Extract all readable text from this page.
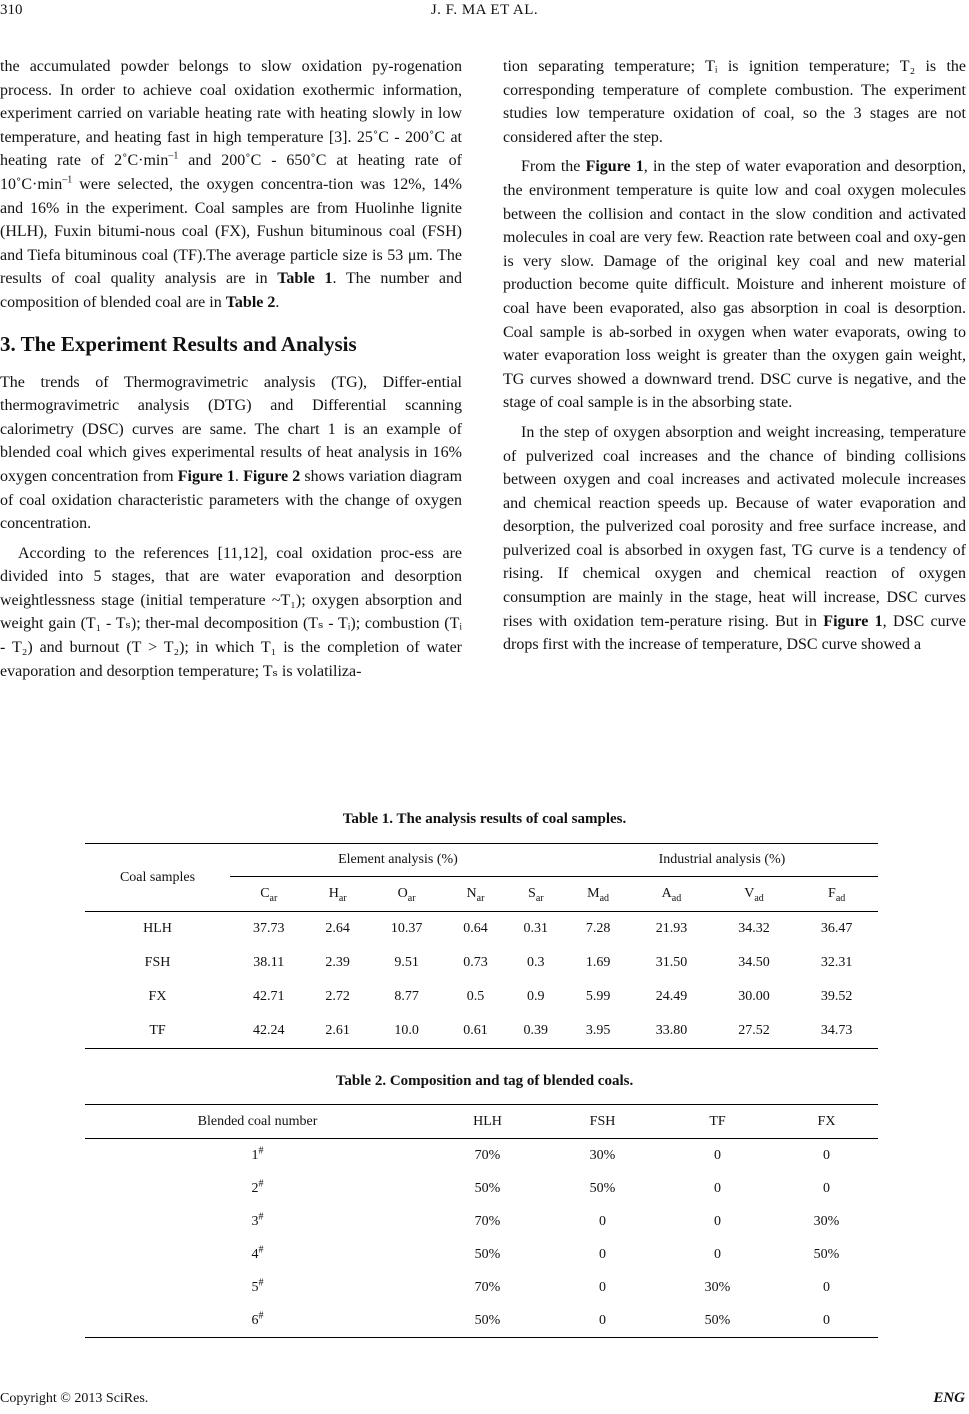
310	J. F. MA ET AL.

the accumulated powder belongs to slow oxidation py-rogenation process. In order to achieve coal oxidation exothermic information, experiment carried on variable heating rate with heating slowly in low temperature, and heating fast in high temperature [3]. 25˚C - 200˚C at heating rate of $2˚C\cdot\min^{-1}$ and 200˚C - 650˚C at heating rate of $10˚C\cdot\min^{-1}$ were selected, the oxygen concentra-tion was 12%, 14% and 16% in the experiment. Coal samples are from Huolinhe lignite (HLH), Fuxin bitumi-nous coal (FX), Fushun bituminous coal (FSH) and Tiefa bituminous coal (TF).The average particle size is 53 μm. The results of coal quality analysis are in Table 1. The number and composition of blended coal are in Table 2.

3. The Experiment Results and Analysis

The trends of Thermogravimetric analysis (TG), Differ-ential thermogravimetric analysis (DTG) and Differential scanning calorimetry (DSC) curves are same. The chart 1 is an example of blended coal which gives experimental results of heat analysis in 16% oxygen concentration from Figure 1. Figure 2 shows variation diagram of coal oxidation characteristic parameters with the change of oxygen concentration.

According to the references [11,12], coal oxidation proc-ess are divided into 5 stages, that are water evaporation and desorption weightlessness stage (initial temperature ~T₁); oxygen absorption and weight gain (T₁ - Tₛ); ther-mal decomposition (Tₛ - Tᵢ); combustion (Tᵢ - T₂) and burnout (T > T₂); in which T₁ is the completion of water evaporation and desorption temperature; Tₛ is volatiliza-

tion separating temperature; Tᵢ is ignition temperature; T₂ is the corresponding temperature of complete combustion. The experiment studies low temperature oxidation of coal, so the 3 stages are not considered after the step.

From the Figure 1, in the step of water evaporation and desorption, the environment temperature is quite low and coal oxygen molecules between the collision and contact in the slow condition and activated molecules in coal are very few. Reaction rate between coal and oxy-gen is very slow. Damage of the original key coal and new material production become quite difficult. Moisture and inherent moisture of coal have been evaporated, also gas absorption in coal is desorption. Coal sample is ab-sorbed in oxygen when water evaporats, owing to water evaporation loss weight is greater than the oxygen gain weight, TG curves showed a downward trend. DSC curve is negative, and the stage of coal sample is in the absorbing state.

In the step of oxygen absorption and weight increasing, temperature of pulverized coal increases and the chance of binding collisions between oxygen and coal increases and activated molecule increases and chemical reaction speeds up. Because of water evaporation and desorption, the pulverized coal porosity and free surface increase, and pulverized coal is absorbed in oxygen fast, TG curve is a tendency of rising. If chemical oxygen and chemical reaction of oxygen consumption are mainly in the stage, heat will increase, DSC curves rises with oxidation tem-perature rising. But in Figure 1, DSC curve drops first with the increase of temperature, DSC curve showed a

Table 1. The analysis results of coal samples.
Coal samples	Element analysis (%)					Industrial analysis (%)			
	$C_{ar}$	$H_{ar}$	$O_{ar}$	$N_{ar}$	$S_{ar}$	$M_{ad}$	$A_{ad}$	$V_{ad}$	$F_{ad}$
HLH	37.73	2.64	10.37	0.64	0.31	7.28	21.93	34.32	36.47
FSH	38.11	2.39	9.51	0.73	0.3	1.69	31.50	34.50	32.31
FX	42.71	2.72	8.77	0.5	0.9	5.99	24.49	30.00	39.52
TF	42.24	2.61	10.0	0.61	0.39	3.95	33.80	27.52	34.73
Table 2. Composition and tag of blended coals.
Blended coal number	HLH	FSH	TF	FX
1#	70%	30%	0	0
2#	50%	50%	0	0
3#	70%	0	0	30%
4#	50%	0	0	50%
5#	70%	0	30%	0
6#	50%	0	50%	0
Copyright © 2013 SciRes.	ENG
